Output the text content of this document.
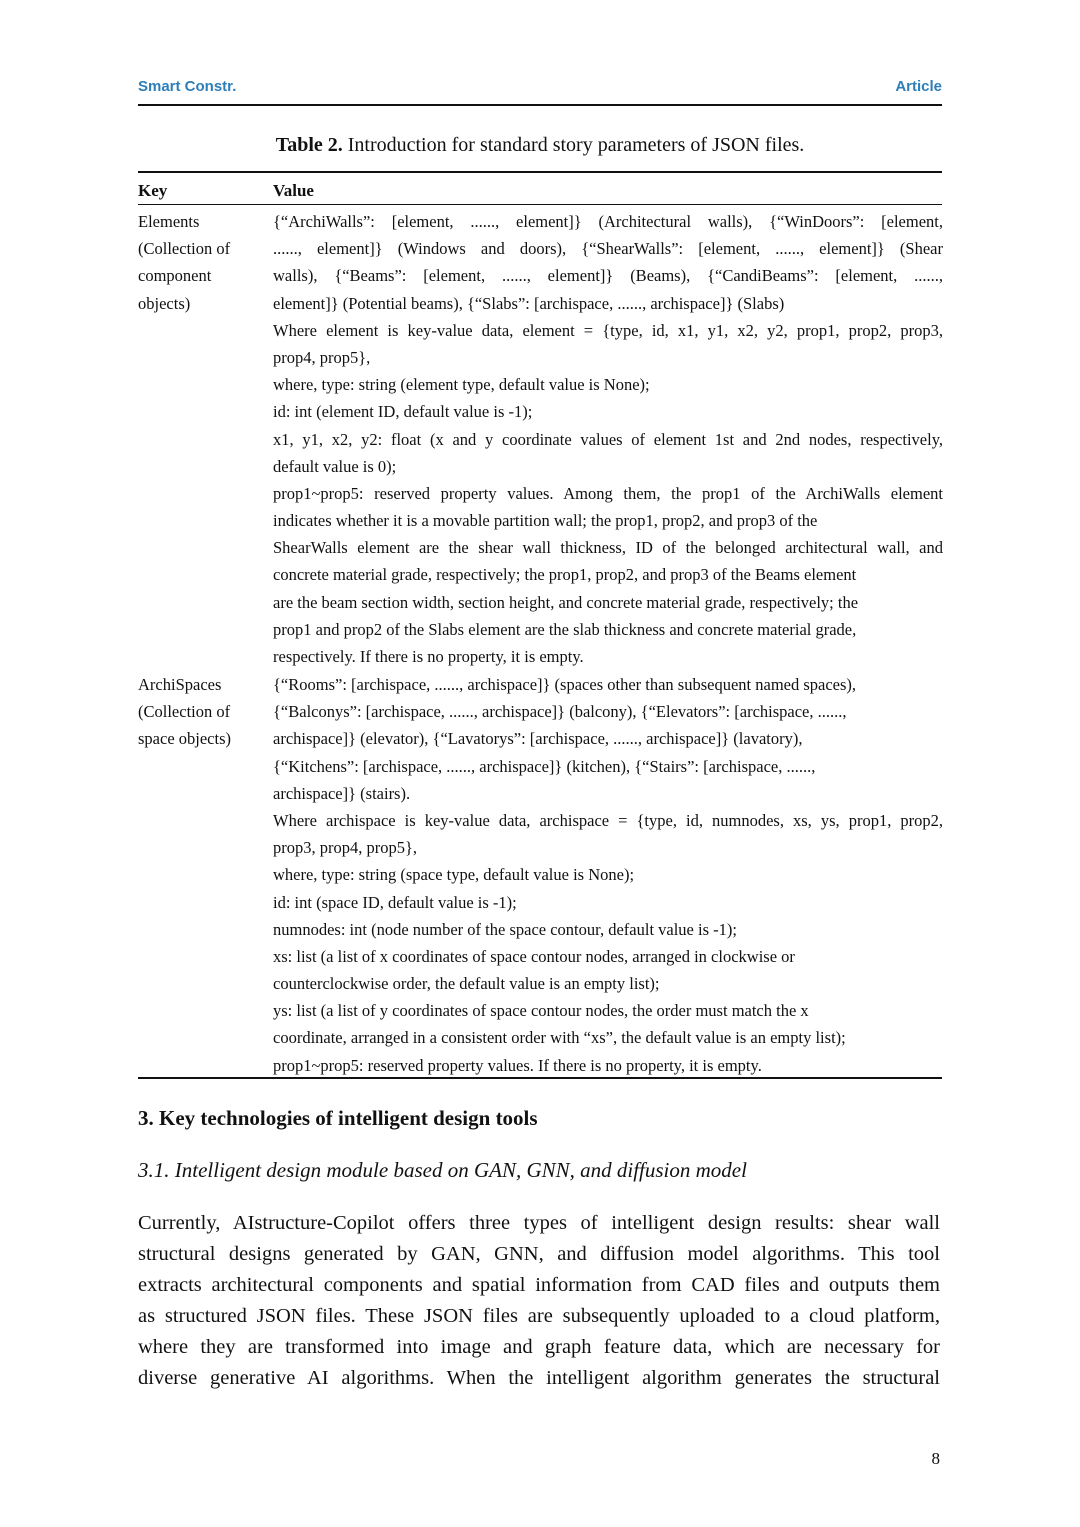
Smart Constr.	Article
Table 2. Introduction for standard story parameters of JSON files.
Key	Value
Elements
(Collection of
component
objects)
{“ArchiWalls”: [element, ......, element]} (Architectural walls), {“WinDoors”: [element,
......, element]} (Windows and doors), {“ShearWalls”: [element, ......, element]} (Shear
walls), {“Beams”: [element, ......, element]} (Beams), {“CandiBeams”: [element, ......,
element]} (Potential beams), {“Slabs”: [archispace, ......, archispace]} (Slabs)
Where element is key-value data, element = {type, id, x1, y1, x2, y2, prop1, prop2, prop3,
prop4, prop5},
where, type: string (element type, default value is None);
id: int (element ID, default value is -1);
x1, y1, x2, y2: float (x and y coordinate values of element 1st and 2nd nodes, respectively,
default value is 0);
prop1~prop5: reserved property values. Among them, the prop1 of the ArchiWalls element
indicates whether it is a movable partition wall; the prop1, prop2, and prop3 of the
ShearWalls element are the shear wall thickness, ID of the belonged architectural wall, and
concrete material grade, respectively; the prop1, prop2, and prop3 of the Beams element
are the beam section width, section height, and concrete material grade, respectively; the
prop1 and prop2 of the Slabs element are the slab thickness and concrete material grade,
respectively. If there is no property, it is empty.
ArchiSpaces
(Collection of
space objects)
{“Rooms”: [archispace, ......, archispace]} (spaces other than subsequent named spaces),
{“Balconys”: [archispace, ......, archispace]} (balcony), {“Elevators”: [archispace, ......,
archispace]} (elevator), {“Lavatorys”: [archispace, ......, archispace]} (lavatory),
{“Kitchens”: [archispace, ......, archispace]} (kitchen), {“Stairs”: [archispace, ......,
archispace]} (stairs).
Where archispace is key-value data, archispace = {type, id, numnodes, xs, ys, prop1, prop2,
prop3, prop4, prop5},
where, type: string (space type, default value is None);
id: int (space ID, default value is -1);
numnodes: int (node number of the space contour, default value is -1);
xs: list (a list of x coordinates of space contour nodes, arranged in clockwise or
counterclockwise order, the default value is an empty list);
ys: list (a list of y coordinates of space contour nodes, the order must match the x
coordinate, arranged in a consistent order with “xs”, the default value is an empty list);
prop1~prop5: reserved property values. If there is no property, it is empty.
3. Key technologies of intelligent design tools
3.1. Intelligent design module based on GAN, GNN, and diffusion model
Currently, AIstructure-Copilot offers three types of intelligent design results: shear wall
structural designs generated by GAN, GNN, and diffusion model algorithms. This tool
extracts architectural components and spatial information from CAD files and outputs them
as structured JSON files. These JSON files are subsequently uploaded to a cloud platform,
where they are transformed into image and graph feature data, which are necessary for
diverse generative AI algorithms. When the intelligent algorithm generates the structural
8
